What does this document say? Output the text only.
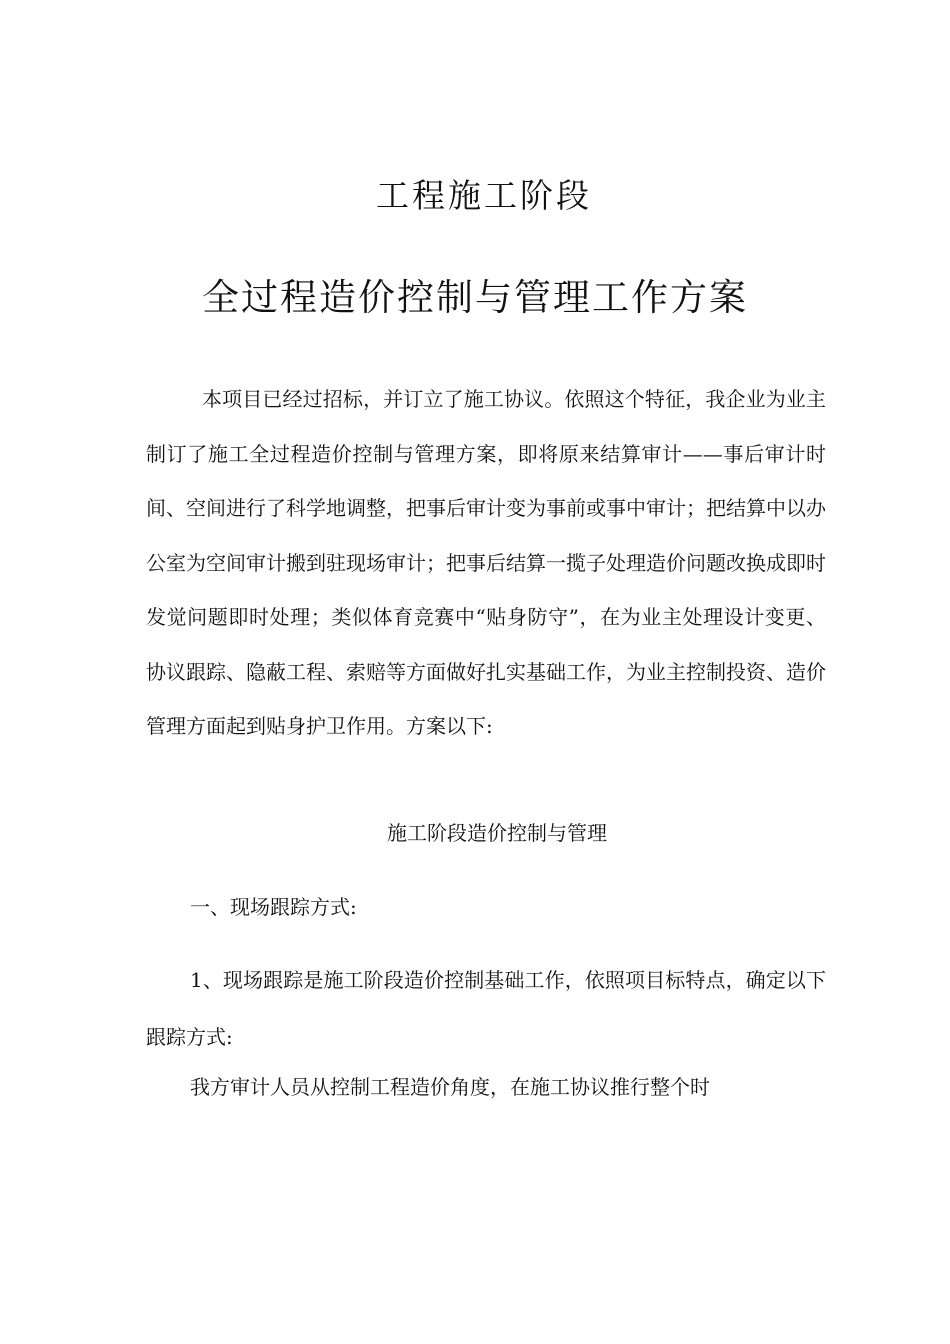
工程施工阶段
全过程造价控制与管理工作方案

本项目已经过招标，并订立了施工协议。依照这个特征，我企业为业主制订了施工全过程造价控制与管理方案，即将原来结算审计——事后审计时间、空间进行了科学地调整，把事后审计变为事前或事中审计；把结算中以办公室为空间审计搬到驻现场审计；把事后结算一揽子处理造价问题改换成即时发觉问题即时处理；类似体育竞赛中“贴身防守”，在为业主处理设计变更、协议跟踪、隐蔽工程、索赔等方面做好扎实基础工作，为业主控制投资、造价管理方面起到贴身护卫作用。方案以下:

施工阶段造价控制与管理
一、现场跟踪方式:

1、现场跟踪是施工阶段造价控制基础工作，依照项目标特点，确定以下跟踪方式:

我方审计人员从控制工程造价角度，在施工协议推行整个时
